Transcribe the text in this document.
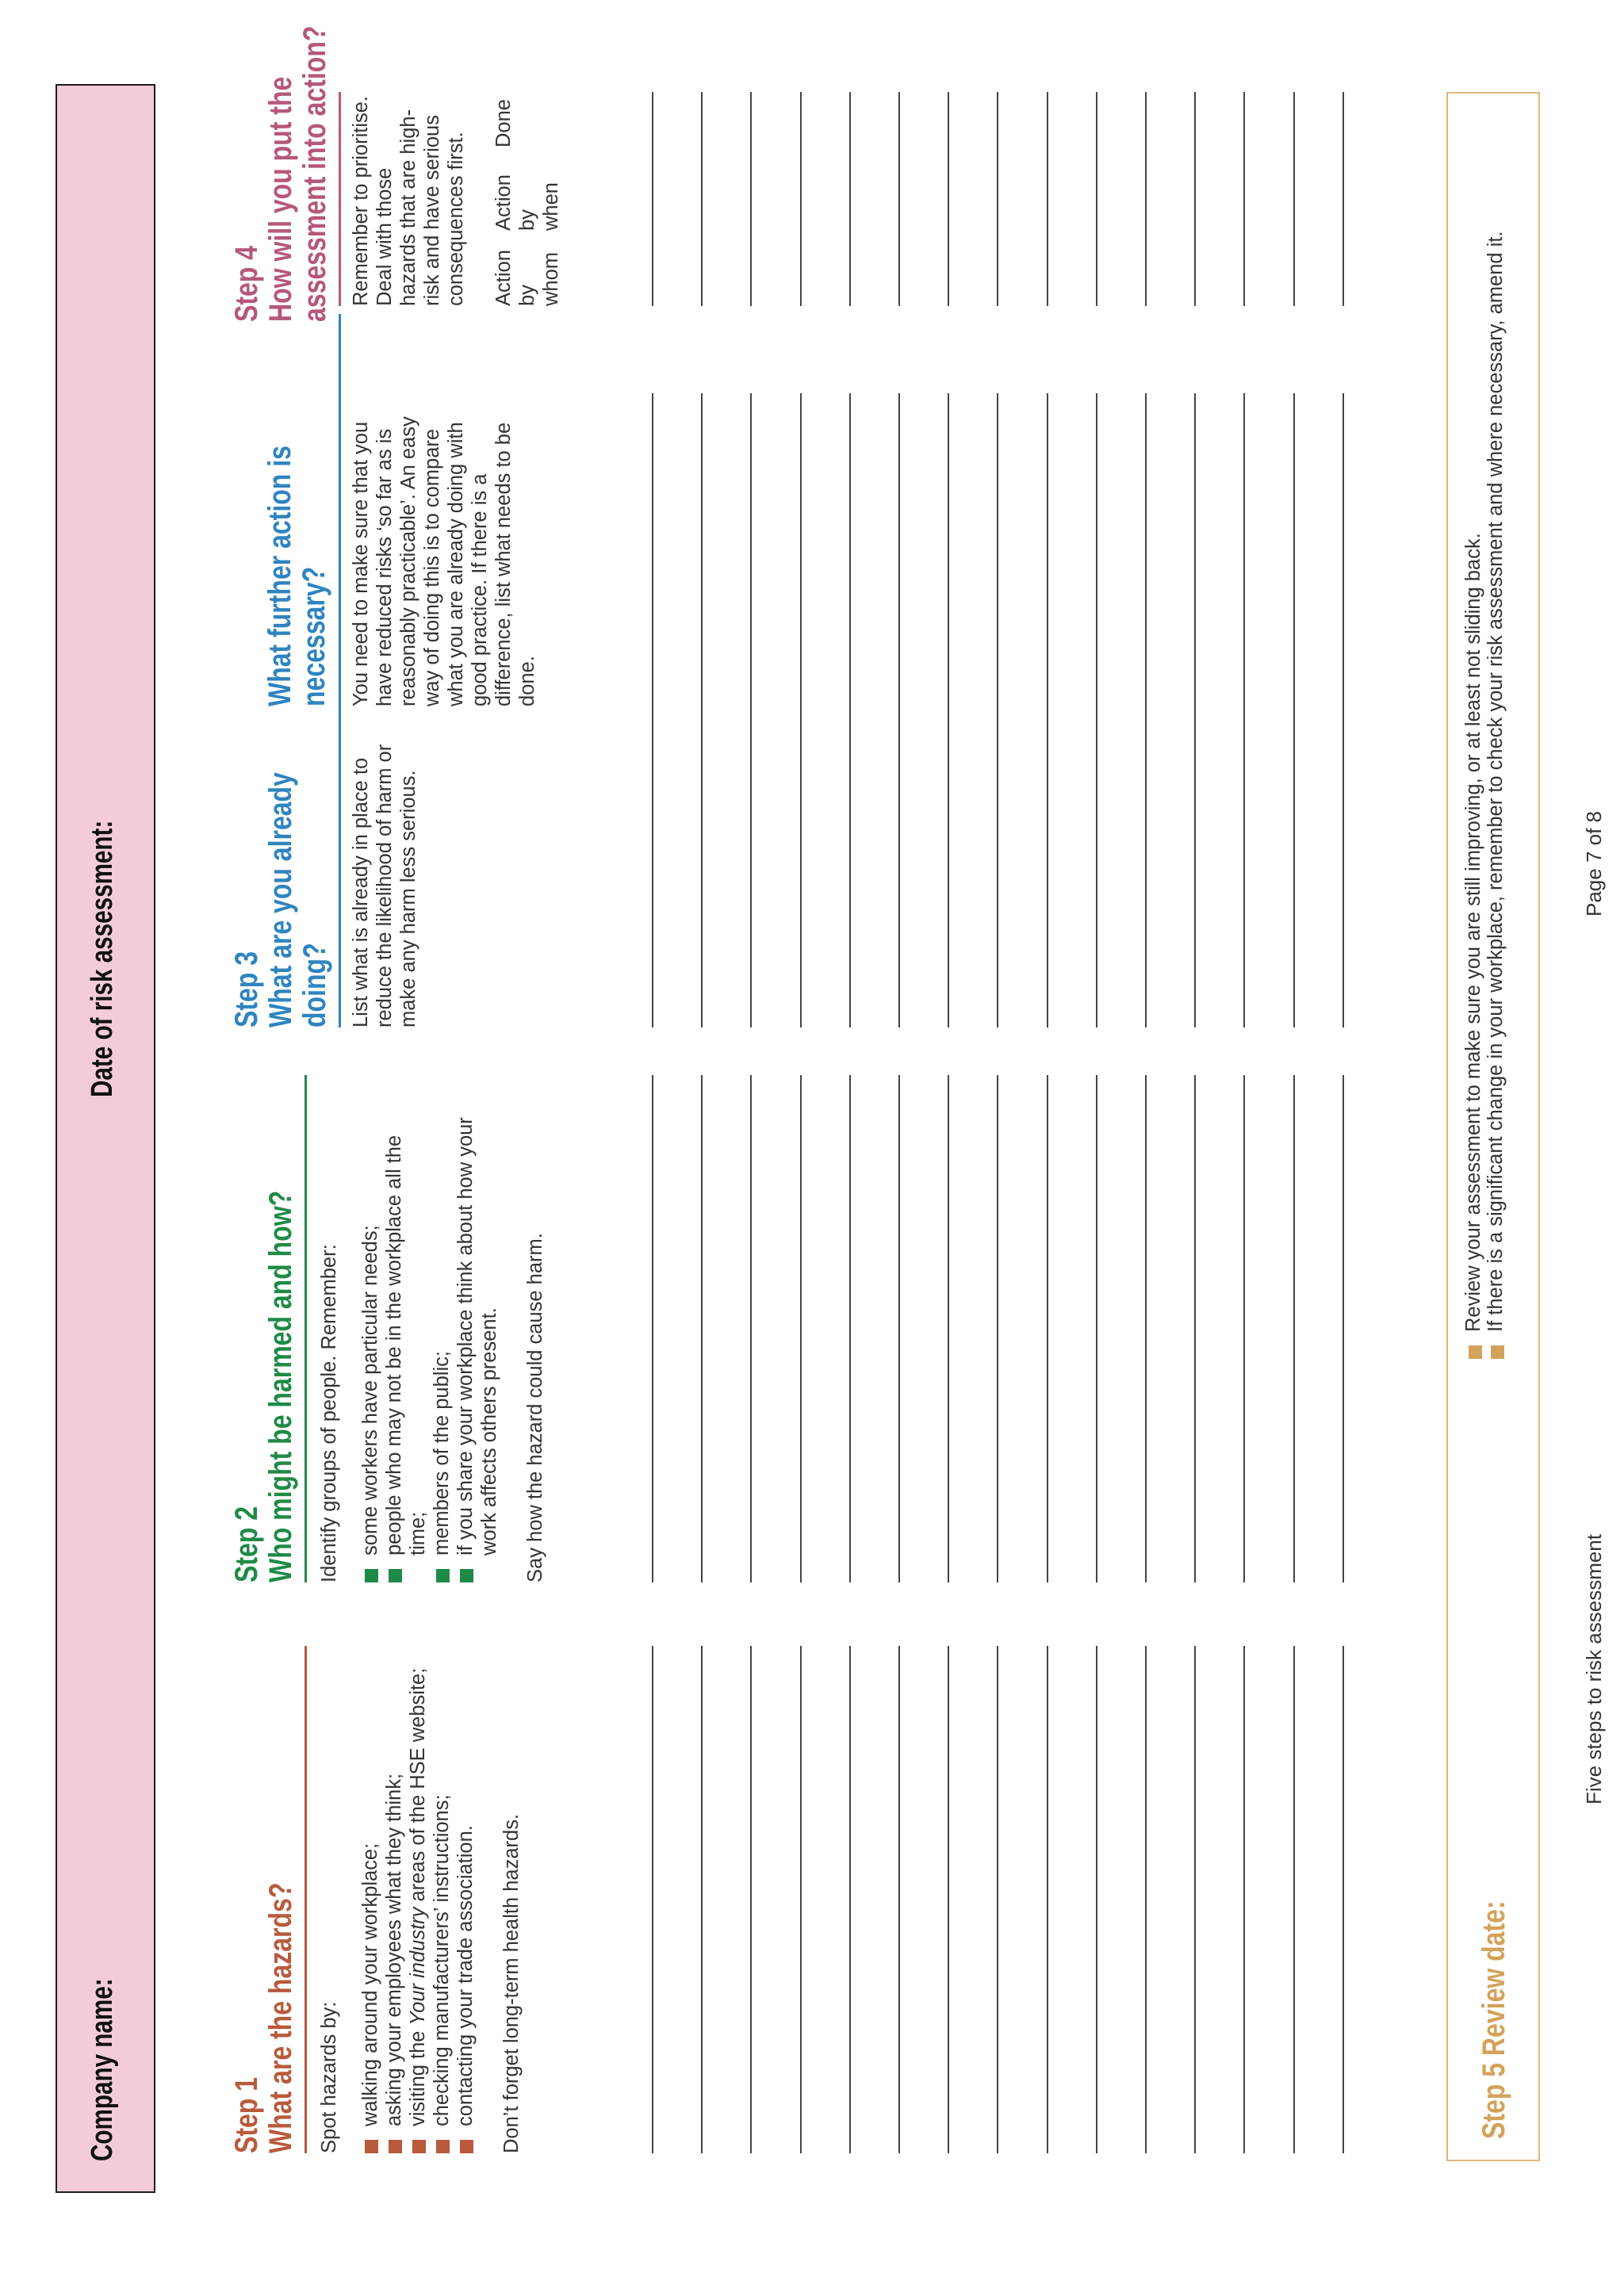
Company name:
Date of risk assessment:
Step 1 What are the hazards? Spot hazards by: walking around your workplace; asking your employees what they think; visiting the Your industry areas of the HSE website;
checking manufacturers’ instructions; contacting your trade association. Don’t forget long-term health hazards.
Step 2 Who might be harmed and how? Identify groups of people. Remember: some workers have particular needs; people who may not be in the workplace all the time; members of the public; if you share your workplace think about how your work affects others present. Say how the hazard could cause harm.
Step 3 What are you already doing? List what is already in place to reduce the likelihood of harm or make any harm less serious.
What further action is necessary? You need to make sure that you have reduced risks ‘so far as is reasonably practicable’. An easy way of doing this is to compare what you are already doing with good practice. If there is a difference, list what needs to be done.
Step 4 How will you put the assessment into action? Remember to prioritise. Deal with those hazards that are high-risk and have serious consequences first. Action by whom
Action by when
Done
Step 5 Review date:
Review your assessment to make sure you are still improving, or at least not sliding back. If there is a significant change in your workplace, remember to check your risk assessment and where necessary, amend it.
Five steps to risk assessment
Page 7 of 8
